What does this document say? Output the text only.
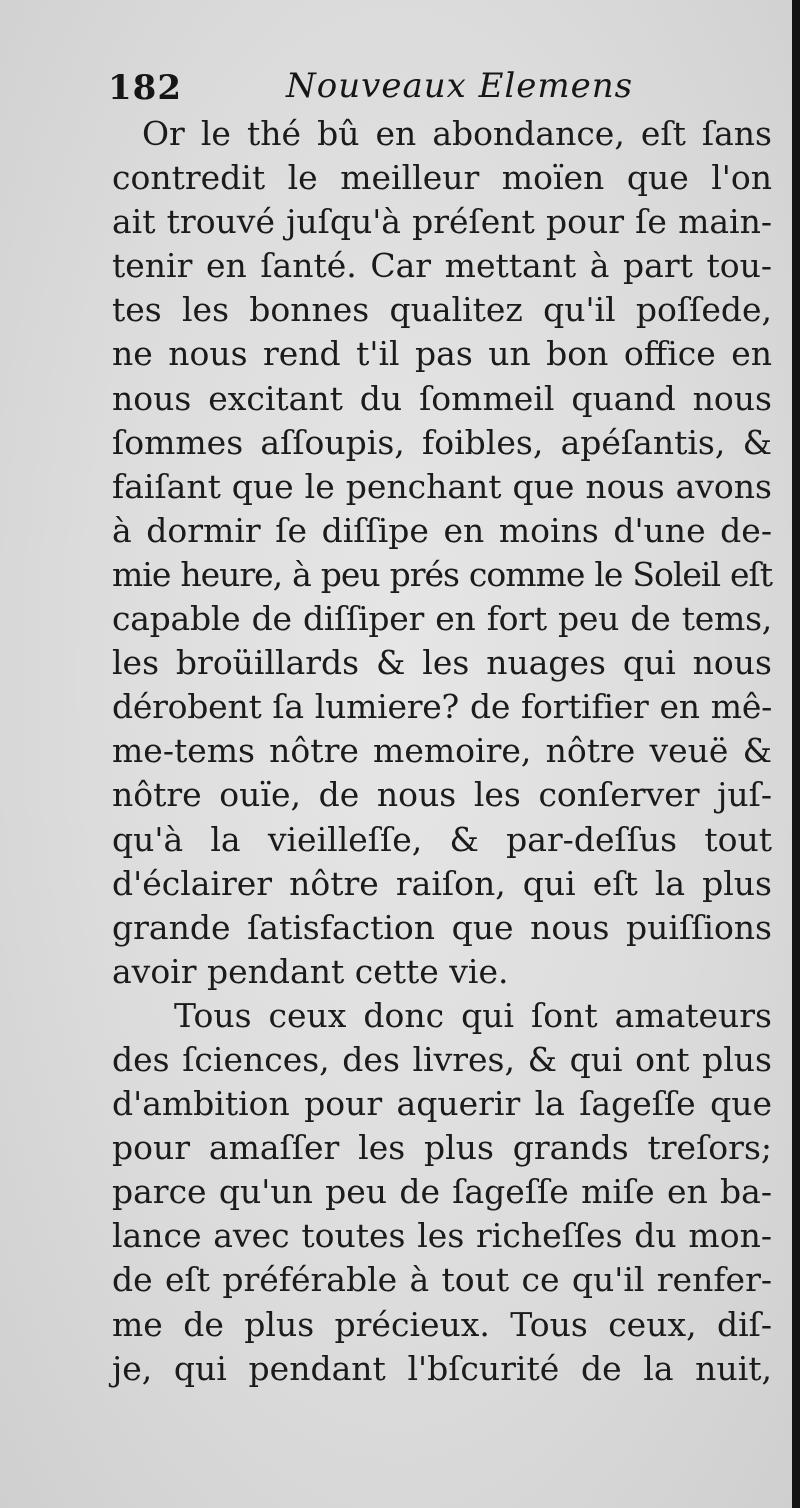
182	Nouveaux Elemens
Or le thé bû en abondance, eſt ſans
contredit le meilleur moïen que l'on
ait trouvé juſqu'à préſent pour ſe main-
tenir en ſanté. Car mettant à part tou-
tes les bonnes qualitez qu'il poſſede,
ne nous rend t'il pas un bon office en
nous excitant du ſommeil quand nous
ſommes aſſoupis, foibles, apéſantis, &
faiſant que le penchant que nous avons
à dormir ſe diſſipe en moins d'une de-
mie heure, à peu prés comme le Soleil eſt
capable de diſſiper en fort peu de tems,
les broüillards & les nuages qui nous
dérobent ſa lumiere? de fortifier en mê-
me-tems nôtre memoire, nôtre veuë &
nôtre ouïe, de nous les conſerver juſ-
qu'à la vieilleſſe, & par-deſſus tout
d'éclairer nôtre raiſon, qui eſt la plus
grande ſatisfaction que nous puiſſions
avoir pendant cette vie.
Tous ceux donc qui ſont amateurs
des ſciences, des livres, & qui ont plus
d'ambition pour aquerir la ſageſſe que
pour amaſſer les plus grands treſors;
parce qu'un peu de ſageſſe miſe en ba-
lance avec toutes les richeſſes du mon-
de eſt préférable à tout ce qu'il renfer-
me de plus précieux. Tous ceux, diſ-
je, qui pendant l'bſcurité de la nuit,
